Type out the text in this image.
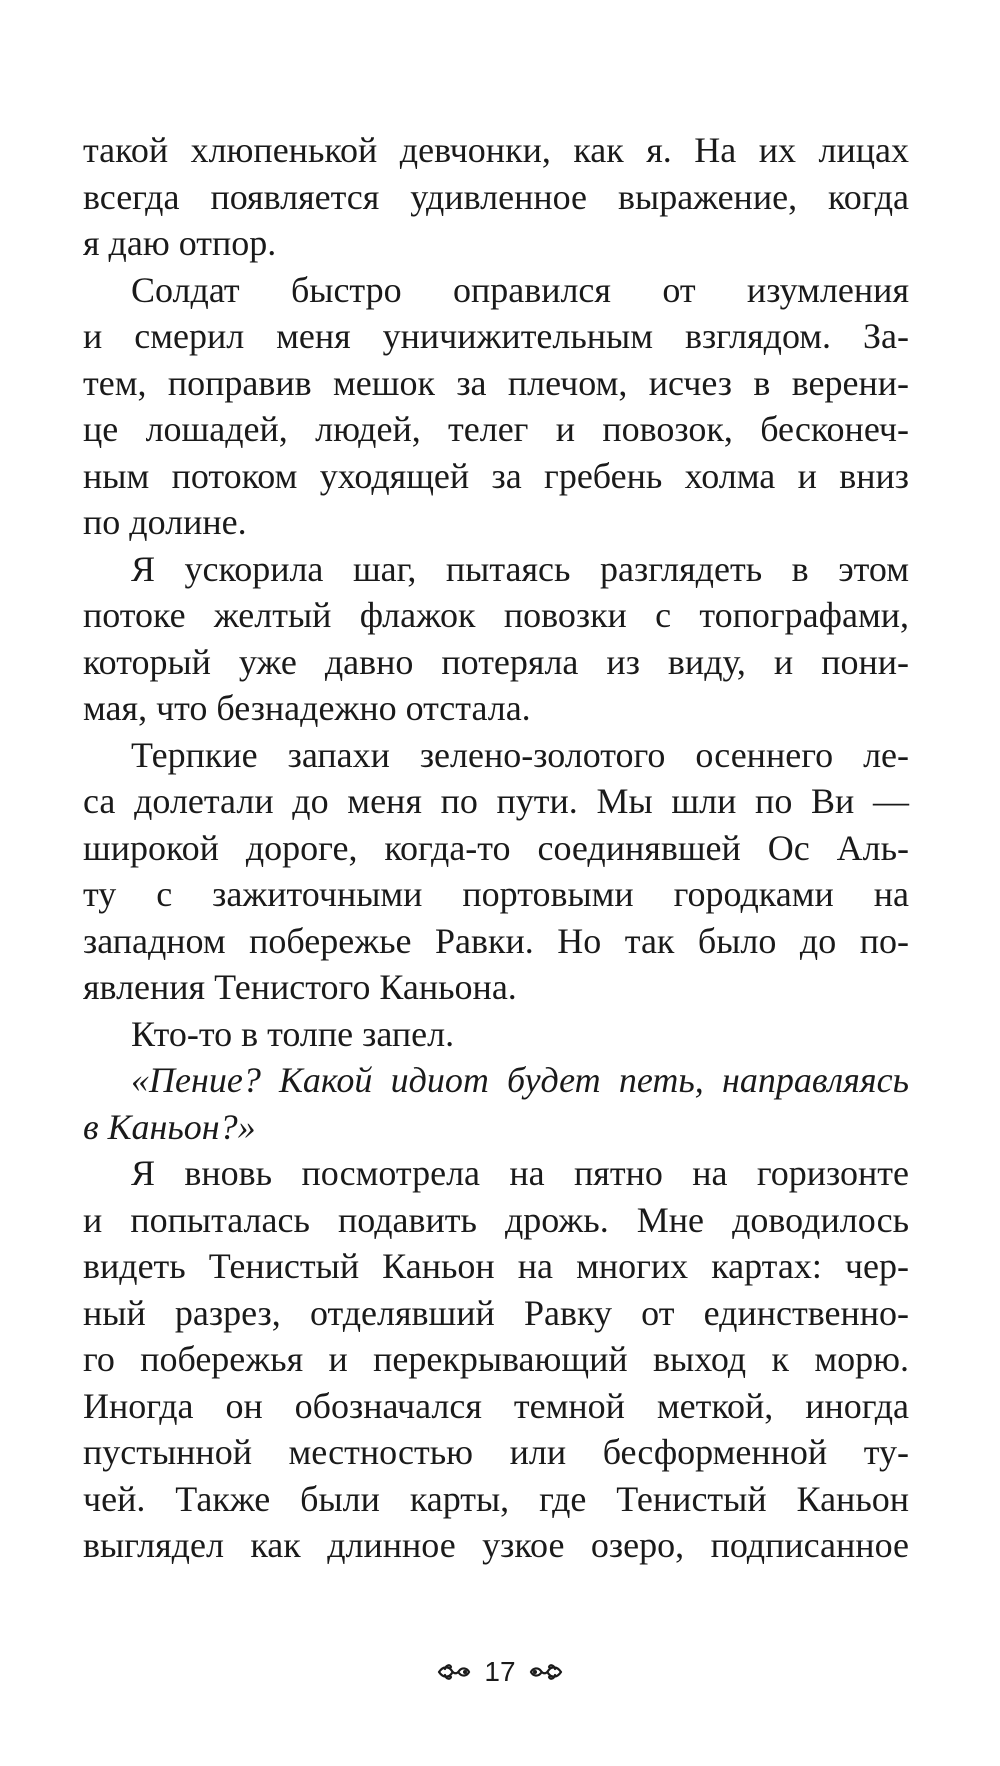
такой хлюпенькой девчонки, как я. На их лицах
всегда появляется удивленное выражение, когда
я даю отпор.
Солдат быстро оправился от изумления
и смерил меня уничижительным взглядом. За-
тем, поправив мешок за плечом, исчез в верени-
це лошадей, людей, телег и повозок, бесконеч-
ным потоком уходящей за гребень холма и вниз
по долине.
Я ускорила шаг, пытаясь разглядеть в этом
потоке желтый флажок повозки с топографами,
который уже давно потеряла из виду, и пони-
мая, что безнадежно отстала.
Терпкие запахи зелено-золотого осеннего ле-
са долетали до меня по пути. Мы шли по Ви —
широкой дороге, когда-то соединявшей Ос Аль-
ту с зажиточными портовыми городками на
западном побережье Равки. Но так было до по-
явления Тенистого Каньона.
Кто-то в толпе запел.
«Пение? Какой идиот будет петь, направляясь
в Каньон?»
Я вновь посмотрела на пятно на горизонте
и попыталась подавить дрожь. Мне доводилось
видеть Тенистый Каньон на многих картах: чер-
ный разрез, отделявший Равку от единственно-
го побережья и перекрывающий выход к морю.
Иногда он обозначался темной меткой, иногда
пустынной местностью или бесформенной ту-
чей. Также были карты, где Тенистый Каньон
выглядел как длинное узкое озеро, подписанное
17
